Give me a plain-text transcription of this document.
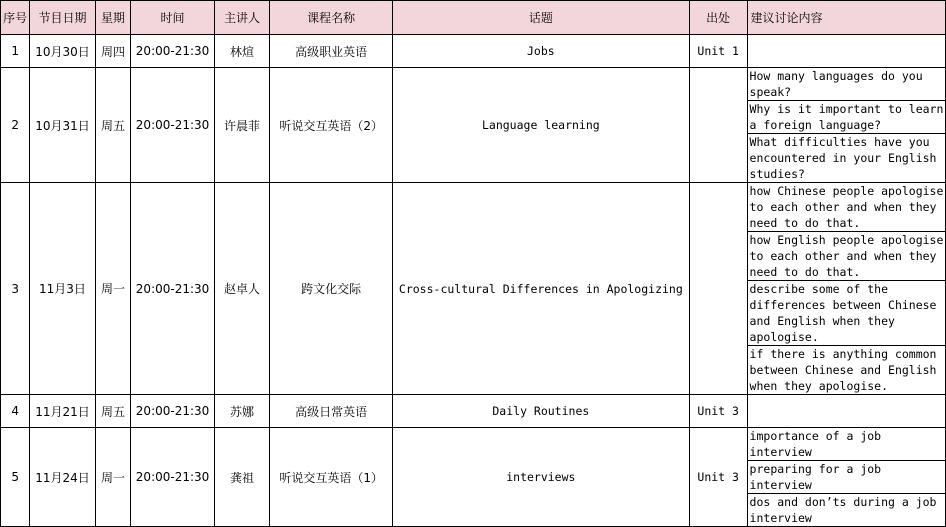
序号	节目日期	星期	时间	主讲人	课程名称	话题	出处	建议讨论内容
1	10月30日	周四	20:00-21:30	林煊	高级职业英语	Jobs	Unit 1	
2	10月31日	周五	20:00-21:30	许晨菲	听说交互英语（2）	Language learning		How many languages do you speak?
Why is it important to learn a foreign language?
What difficulties have you encountered in your English studies?

3	11月3日	周一	20:00-21:30	赵卓人	跨文化交际	Cross-cultural Differences in Apologizing		how Chinese people apologise to each other and when they need to do that.
how English people apologise to each other and when they need to do that.
describe some of the differences between Chinese and English when they apologise.
if there is anything common between Chinese and English when they apologise.

4	11月21日	周五	20:00-21:30	苏娜	高级日常英语	Daily Routines	Unit 3	
5	11月24日	周一	20:00-21:30	龚祖	听说交互英语（1）	interviews	Unit 3	importance of a job interview
preparing for a job interview
dos and don’ts during a job interview
